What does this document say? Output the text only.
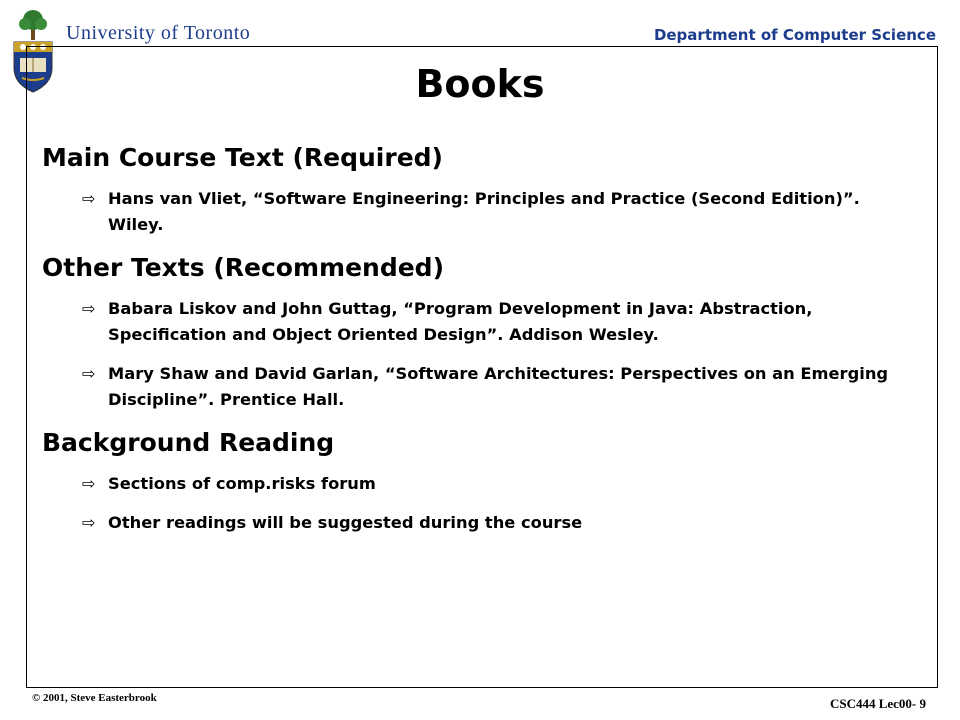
University of Toronto	Department of Computer Science
Books
Main Course Text (Required)
⇨ Hans van Vliet, “Software Engineering: Principles and Practice (Second Edition)”. Wiley.
Other Texts (Recommended)
⇨ Babara Liskov and John Guttag, “Program Development in Java: Abstraction, Specification and Object Oriented Design”. Addison Wesley.
⇨ Mary Shaw and David Garlan, “Software Architectures: Perspectives on an Emerging Discipline”. Prentice Hall.
Background Reading
⇨ Sections of comp.risks forum
⇨ Other readings will be suggested during the course
© 2001, Steve Easterbrook	CSC444 Lec00- 9
